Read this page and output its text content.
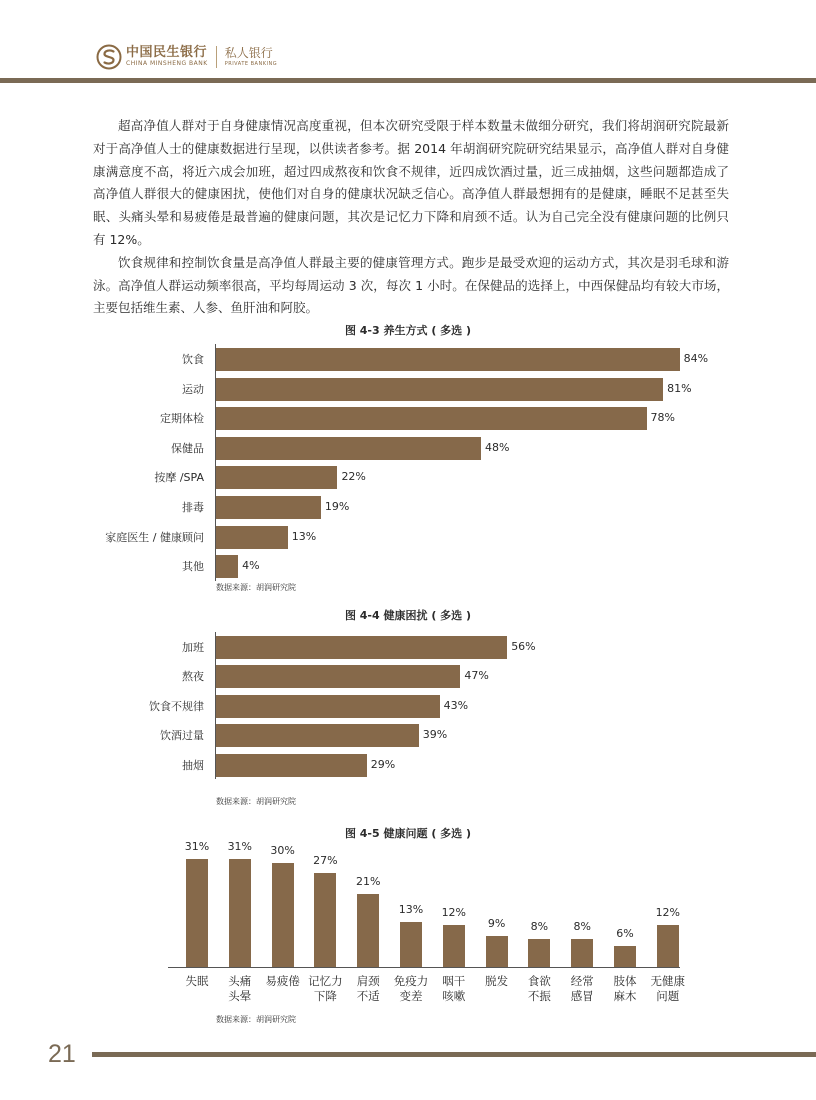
中国民生银行
CHINA MINSHENG BANK
私人银行
PRIVATE BANKING

超高净值人群对于自身健康情况高度重视，但本次研究受限于样本数量未做细分研究，我们将胡润研究院最新对于高净值人士的健康数据进行呈现，以供读者参考。据 2014 年胡润研究院研究结果显示，高净值人群对自身健康满意度不高，将近六成会加班，超过四成熬夜和饮食不规律，近四成饮酒过量，近三成抽烟，这些问题都造成了高净值人群很大的健康困扰，使他们对自身的健康状况缺乏信心。高净值人群最想拥有的是健康，睡眠不足甚至失眠、头痛头晕和易疲倦是最普遍的健康问题，其次是记忆力下降和肩颈不适。认为自己完全没有健康问题的比例只有 12%。

饮食规律和控制饮食量是高净值人群最主要的健康管理方式。跑步是最受欢迎的运动方式，其次是羽毛球和游泳。高净值人群运动频率很高，平均每周运动 3 次，每次 1 小时。在保健品的选择上，中西保健品均有较大市场，主要包括维生素、人参、鱼肝油和阿胶。

图 4-3 养生方式 ( 多选 )
饮食	84%
运动	81%
定期体检	78%
保健品	48%
按摩 /SPA	22%
排毒	19%
家庭医生 / 健康顾问	13%
其他	4%
数据来源：胡润研究院
图 4-4 健康困扰 ( 多选 )
加班	56%
熬夜	47%
饮食不规律	43%
饮酒过量	39%
抽烟	29%
数据来源：胡润研究院
图 4-5 健康问题 ( 多选 )
31%
失眠
31%
头痛
头晕
30%
易疲倦
27%
记忆力
下降
21%
肩颈
不适
13%
免疫力
变差
12%
咽干
咳嗽
9%
脱发
8%
食欲
不振
8%
经常
感冒
6%
肢体
麻木
12%
无健康
问题
数据来源：胡润研究院
21
